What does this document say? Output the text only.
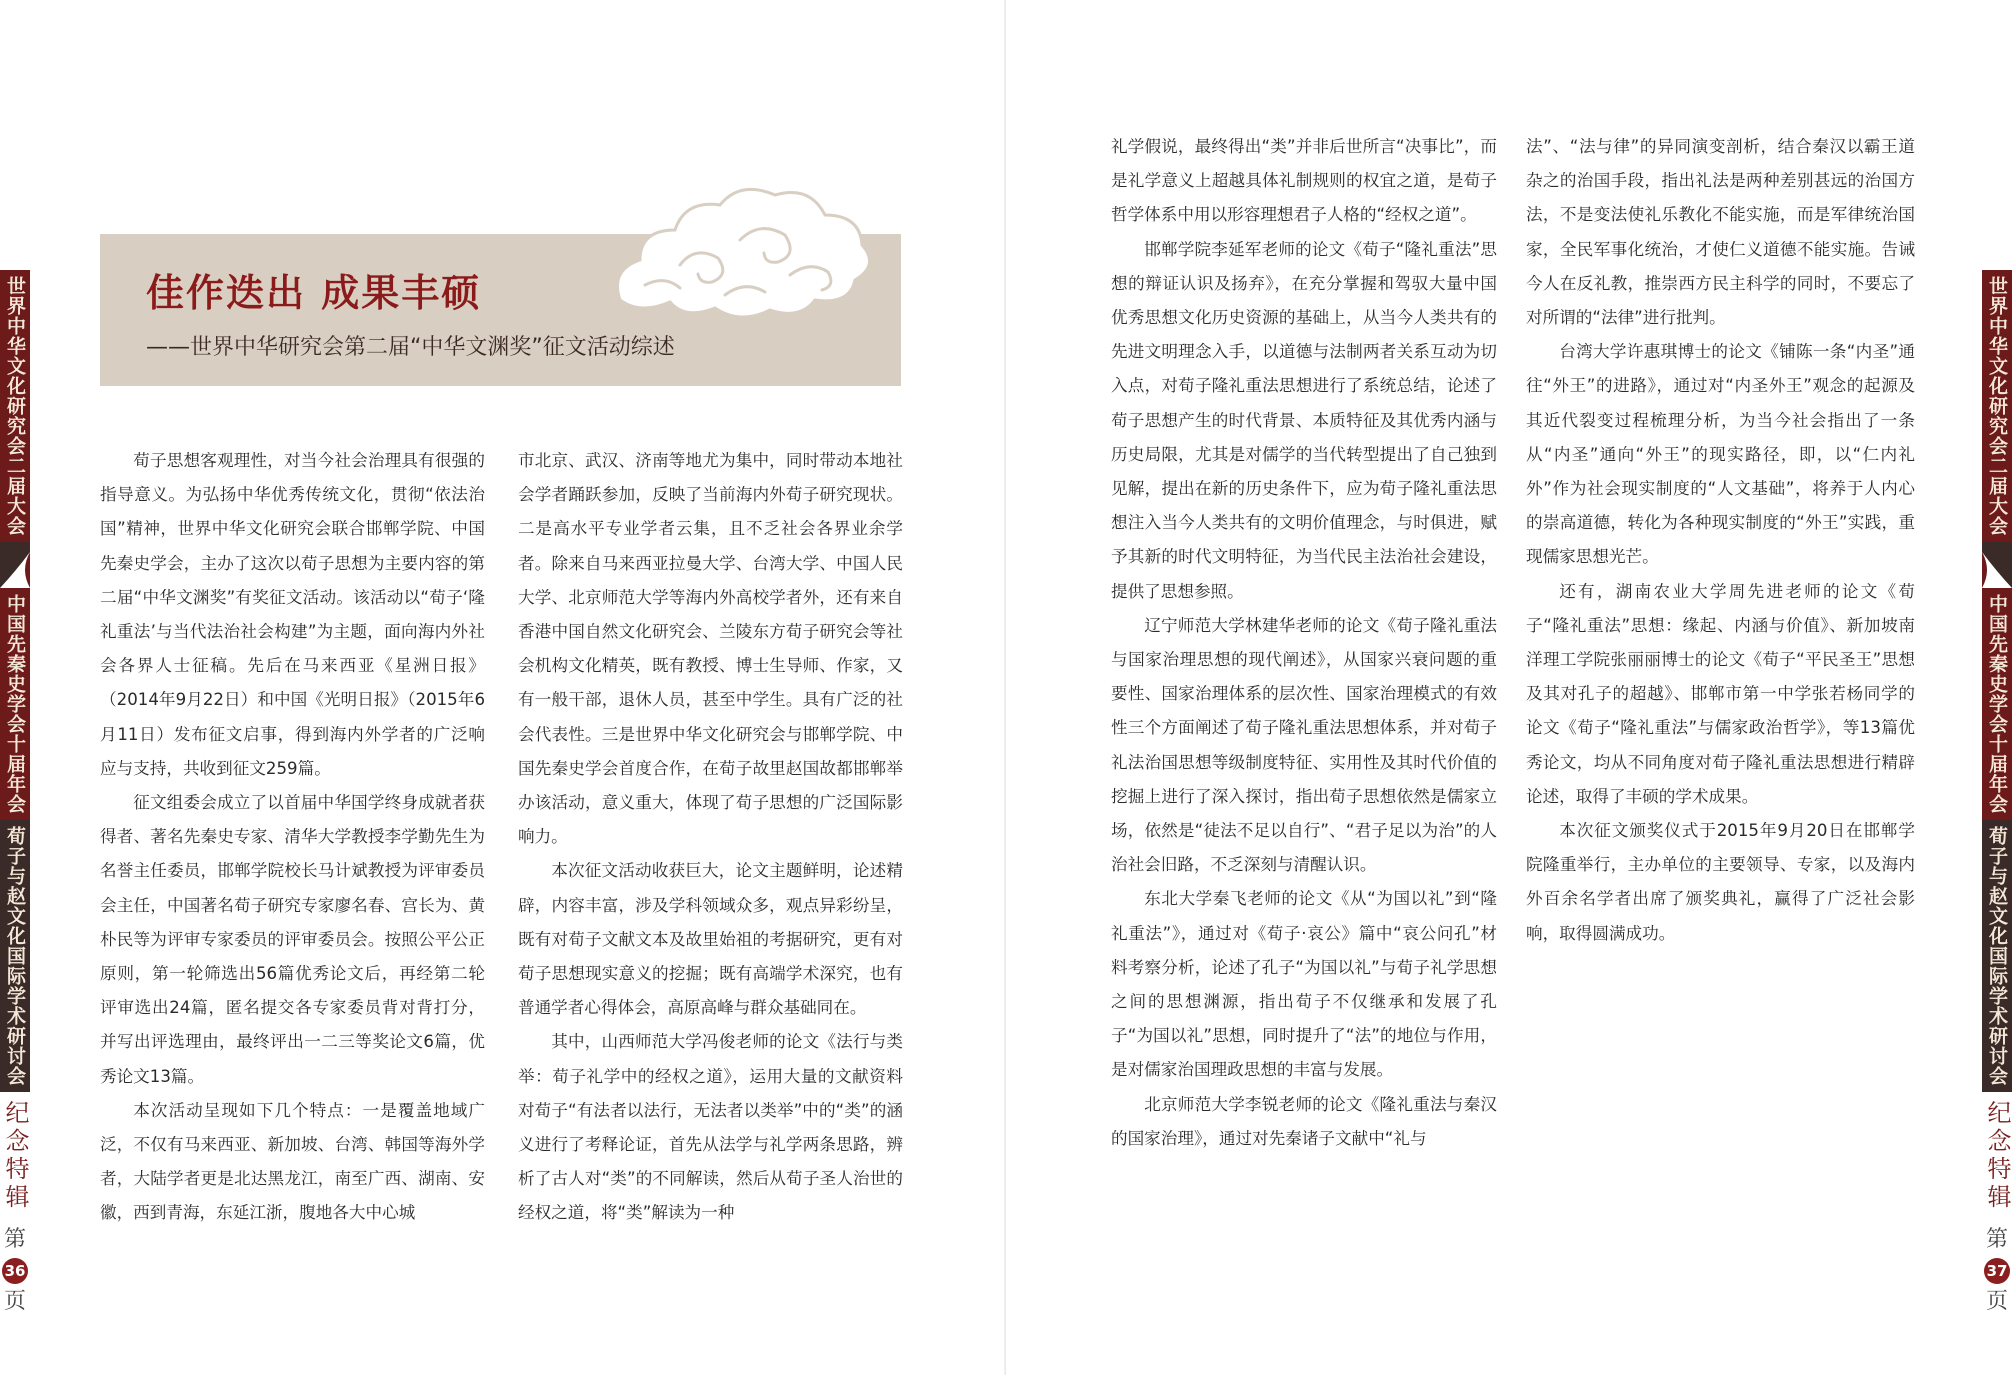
世界中华文化研究会二届大会
中国先秦史学会十届年会
荀子与赵文化国际学术研讨会
纪念特辑
第
36
页
佳作迭出 成果丰硕
——世界中华研究会第二届“中华文渊奖”征文活动综述

荀子思想客观理性，对当今社会治理具有很强的指导意义。为弘扬中华优秀传统文化，贯彻“依法治国”精神，世界中华文化研究会联合邯郸学院、中国先秦史学会，主办了这次以荀子思想为主要内容的第二届“中华文渊奖”有奖征文活动。该活动以“荀子‘隆礼重法’与当代法治社会构建”为主题，面向海内外社会各界人士征稿。先后在马来西亚《星洲日报》（2014年9月22日）和中国《光明日报》（2015年6月11日）发布征文启事，得到海内外学者的广泛响应与支持，共收到征文259篇。

征文组委会成立了以首届中华国学终身成就者获得者、著名先秦史专家、清华大学教授李学勤先生为名誉主任委员，邯郸学院校长马计斌教授为评审委员会主任，中国著名荀子研究专家廖名春、宫长为、黄朴民等为评审专家委员的评审委员会。按照公平公正原则，第一轮筛选出56篇优秀论文后，再经第二轮评审选出24篇，匿名提交各专家委员背对背打分，并写出评选理由，最终评出一二三等奖论文6篇，优秀论文13篇。

本次活动呈现如下几个特点：一是覆盖地域广泛，不仅有马来西亚、新加坡、台湾、韩国等海外学者，大陆学者更是北达黑龙江，南至广西、湖南、安徽，西到青海，东延江浙，腹地各大中心城

市北京、武汉、济南等地尤为集中，同时带动本地社会学者踊跃参加，反映了当前海内外荀子研究现状。二是高水平专业学者云集，且不乏社会各界业余学者。除来自马来西亚拉曼大学、台湾大学、中国人民大学、北京师范大学等海内外高校学者外，还有来自香港中国自然文化研究会、兰陵东方荀子研究会等社会机构文化精英，既有教授、博士生导师、作家，又有一般干部，退休人员，甚至中学生。具有广泛的社会代表性。三是世界中华文化研究会与邯郸学院、中国先秦史学会首度合作，在荀子故里赵国故都邯郸举办该活动，意义重大，体现了荀子思想的广泛国际影响力。

本次征文活动收获巨大，论文主题鲜明，论述精辟，内容丰富，涉及学科领域众多，观点异彩纷呈，既有对荀子文献文本及故里始祖的考据研究，更有对荀子思想现实意义的挖掘；既有高端学术深究，也有普通学者心得体会，高原高峰与群众基础同在。

其中，山西师范大学冯俊老师的论文《法行与类举：荀子礼学中的经权之道》，运用大量的文献资料对荀子“有法者以法行，无法者以类举”中的“类”的涵义进行了考释论证，首先从法学与礼学两条思路，辨析了古人对“类”的不同解读，然后从荀子圣人治世的经权之道，将“类”解读为一种

礼学假说，最终得出“类”并非后世所言“决事比”，而是礼学意义上超越具体礼制规则的权宜之道，是荀子哲学体系中用以形容理想君子人格的“经权之道”。

邯郸学院李延军老师的论文《荀子“隆礼重法”思想的辩证认识及扬弃》，在充分掌握和驾驭大量中国优秀思想文化历史资源的基础上，从当今人类共有的先进文明理念入手，以道德与法制两者关系互动为切入点，对荀子隆礼重法思想进行了系统总结，论述了荀子思想产生的时代背景、本质特征及其优秀内涵与历史局限，尤其是对儒学的当代转型提出了自己独到见解，提出在新的历史条件下，应为荀子隆礼重法思想注入当今人类共有的文明价值理念，与时俱进，赋予其新的时代文明特征，为当代民主法治社会建设，提供了思想参照。

辽宁师范大学林建华老师的论文《荀子隆礼重法与国家治理思想的现代阐述》，从国家兴衰问题的重要性、国家治理体系的层次性、国家治理模式的有效性三个方面阐述了荀子隆礼重法思想体系，并对荀子礼法治国思想等级制度特征、实用性及其时代价值的挖掘上进行了深入探讨，指出荀子思想依然是儒家立场，依然是“徒法不足以自行”、“君子足以为治”的人治社会旧路，不乏深刻与清醒认识。

东北大学秦飞老师的论文《从“为国以礼”到“隆礼重法”》，通过对《荀子·哀公》篇中“哀公问孔”材料考察分析，论述了孔子“为国以礼”与荀子礼学思想之间的思想渊源，指出荀子不仅继承和发展了孔子“为国以礼”思想，同时提升了“法”的地位与作用，是对儒家治国理政思想的丰富与发展。

北京师范大学李锐老师的论文《隆礼重法与秦汉的国家治理》，通过对先秦诸子文献中“礼与

法”、“法与律”的异同演变剖析，结合秦汉以霸王道杂之的治国手段，指出礼法是两种差别甚远的治国方法，不是变法使礼乐教化不能实施，而是军律统治国家，全民军事化统治，才使仁义道德不能实施。告诫今人在反礼教，推崇西方民主科学的同时，不要忘了对所谓的“法律”进行批判。

台湾大学许惠琪博士的论文《铺陈一条“内圣”通往“外王”的进路》，通过对“内圣外王”观念的起源及其近代裂变过程梳理分析，为当今社会指出了一条从“内圣”通向“外王”的现实路径，即，以“仁内礼外”作为社会现实制度的“人文基础”，将养于人内心的崇高道德，转化为各种现实制度的“外王”实践，重现儒家思想光芒。

还有，湖南农业大学周先进老师的论文《荀子“隆礼重法”思想：缘起、内涵与价值》、新加坡南洋理工学院张丽丽博士的论文《荀子“平民圣王”思想及其对孔子的超越》、邯郸市第一中学张若杨同学的论文《荀子“隆礼重法”与儒家政治哲学》，等13篇优秀论文，均从不同角度对荀子隆礼重法思想进行精辟论述，取得了丰硕的学术成果。

本次征文颁奖仪式于2015年9月20日在邯郸学院隆重举行，主办单位的主要领导、专家，以及海内外百余名学者出席了颁奖典礼，赢得了广泛社会影响，取得圆满成功。

世界中华文化研究会二届大会
中国先秦史学会十届年会
荀子与赵文化国际学术研讨会
纪念特辑
第
37
页
